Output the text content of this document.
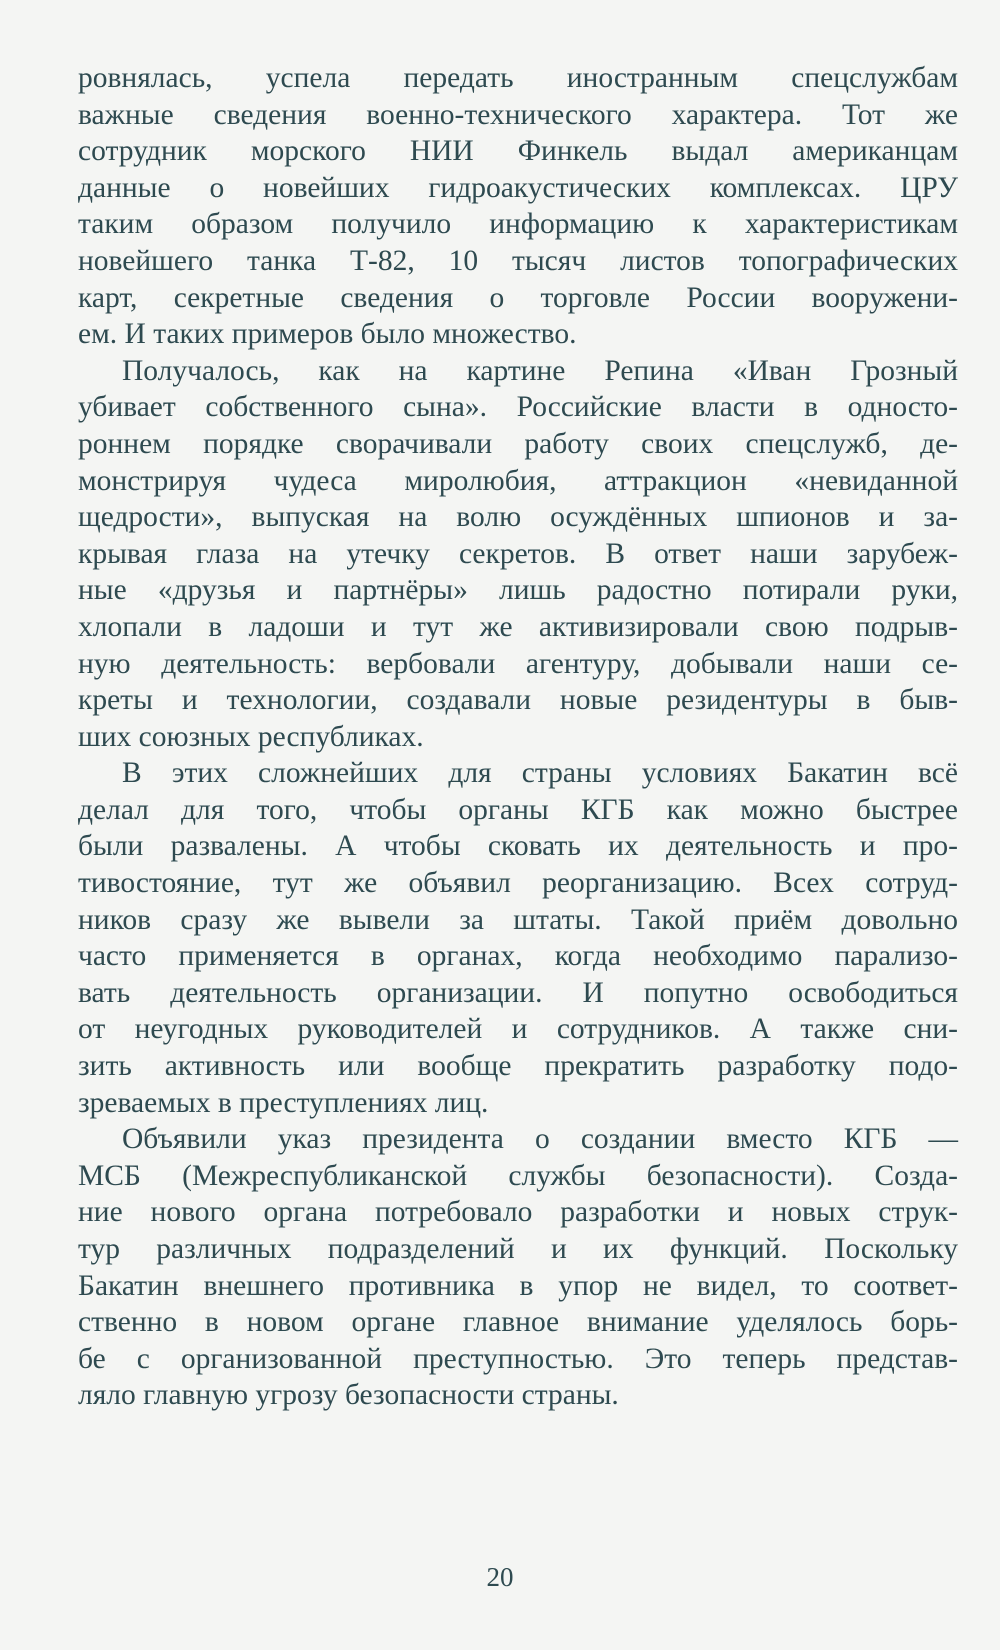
ровнялась, успела передать иностранным спецслужбам
важные сведения военно-технического характера. Тот же
сотрудник морского НИИ Финкель выдал американцам
данные о новейших гидроакустических комплексах. ЦРУ
таким образом получило информацию к характеристикам
новейшего танка Т-82, 10 тысяч листов топографических
карт, секретные сведения о торговле России вооружени-
ем. И таких примеров было множество.
Получалось, как на картине Репина «Иван Грозный
убивает собственного сына». Российские власти в односто-
роннем порядке сворачивали работу своих спецслужб, де-
монстрируя чудеса миролюбия, аттракцион «невиданной
щедрости», выпуская на волю осуждённых шпионов и за-
крывая глаза на утечку секретов. В ответ наши зарубеж-
ные «друзья и партнёры» лишь радостно потирали руки,
хлопали в ладоши и тут же активизировали свою подрыв-
ную деятельность: вербовали агентуру, добывали наши се-
креты и технологии, создавали новые резидентуры в быв-
ших союзных республиках.
В этих сложнейших для страны условиях Бакатин всё
делал для того, чтобы органы КГБ как можно быстрее
были развалены. А чтобы сковать их деятельность и про-
тивостояние, тут же объявил реорганизацию. Всех сотруд-
ников сразу же вывели за штаты. Такой приём довольно
часто применяется в органах, когда необходимо парализо-
вать деятельность организации. И попутно освободиться
от неугодных руководителей и сотрудников. А также сни-
зить активность или вообще прекратить разработку подо-
зреваемых в преступлениях лиц.
Объявили указ президента о создании вместо КГБ —
МСБ (Межреспубликанской службы безопасности). Созда-
ние нового органа потребовало разработки и новых струк-
тур различных подразделений и их функций. Поскольку
Бакатин внешнего противника в упор не видел, то соответ-
ственно в новом органе главное внимание уделялось борь-
бе с организованной преступностью. Это теперь представ-
ляло главную угрозу безопасности страны.
20
